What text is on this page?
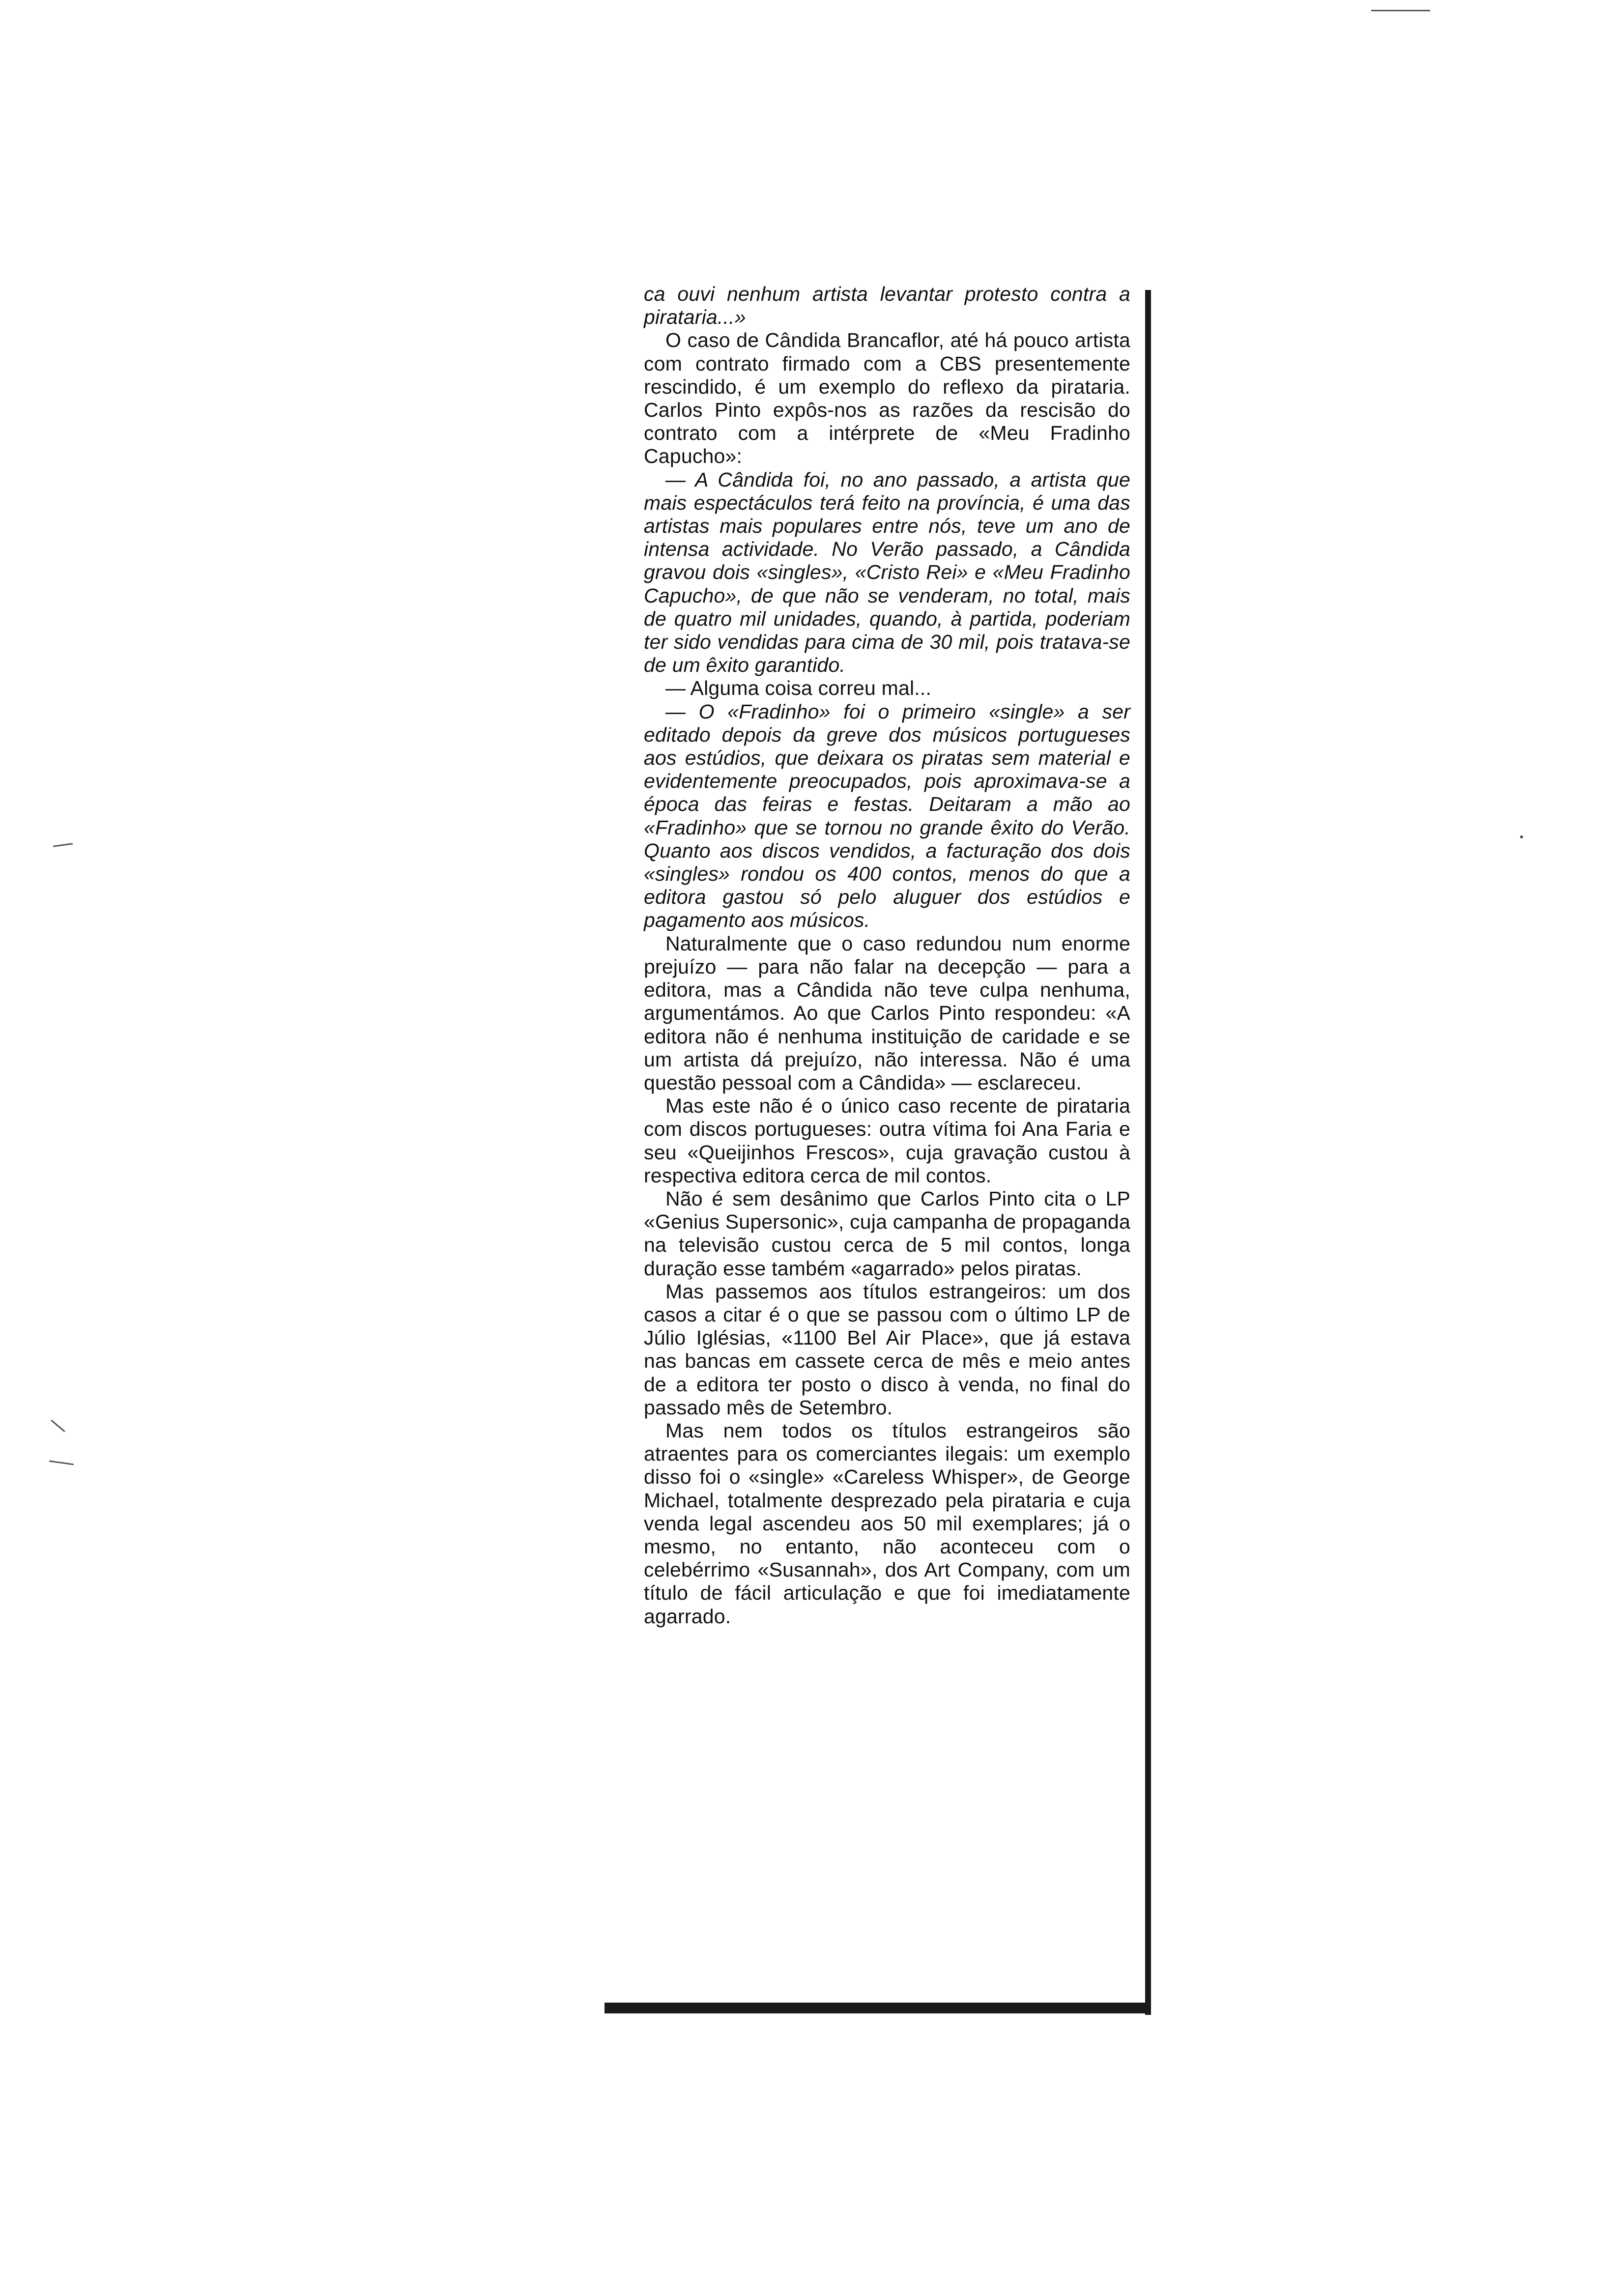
ca ouvi nenhum artista levantar protesto contra a pirataria...»

O caso de Cândida Brancaflor, até há pouco artista com contrato firmado com a CBS presentemente rescindido, é um exemplo do reflexo da pirataria. Carlos Pinto expôs-nos as razões da rescisão do contrato com a intérprete de «Meu Fradinho Capucho»:

— A Cândida foi, no ano passado, a artista que mais espectáculos terá feito na província, é uma das artistas mais populares entre nós, teve um ano de intensa actividade. No Verão passado, a Cândida gravou dois «singles», «Cristo Rei» e «Meu Fradinho Capucho», de que não se venderam, no total, mais de quatro mil unidades, quando, à partida, poderiam ter sido vendidas para cima de 30 mil, pois tratava-se de um êxito garantido.

— Alguma coisa correu mal...

— O «Fradinho» foi o primeiro «single» a ser editado depois da greve dos músicos portugueses aos estúdios, que deixara os piratas sem material e evidentemente preocupados, pois aproximava-se a época das feiras e festas. Deitaram a mão ao «Fradinho» que se tornou no grande êxito do Verão. Quanto aos discos vendidos, a facturação dos dois «singles» rondou os 400 contos, menos do que a editora gastou só pelo aluguer dos estúdios e pagamento aos músicos.

Naturalmente que o caso redundou num enorme prejuízo — para não falar na decepção — para a editora, mas a Cândida não teve culpa nenhuma, argumentámos. Ao que Carlos Pinto respondeu: «A editora não é nenhuma instituição de caridade e se um artista dá prejuízo, não interessa. Não é uma questão pessoal com a Cândida» — esclareceu.

Mas este não é o único caso recente de pirataria com discos portugueses: outra vítima foi Ana Faria e seu «Queijinhos Frescos», cuja gravação custou à respectiva editora cerca de mil contos.

Não é sem desânimo que Carlos Pinto cita o LP «Genius Supersonic», cuja campanha de propaganda na televisão custou cerca de 5 mil contos, longa duração esse também «agarrado» pelos piratas.

Mas passemos aos títulos estrangeiros: um dos casos a citar é o que se passou com o último LP de Júlio Iglésias, «1100 Bel Air Place», que já estava nas bancas em cassete cerca de mês e meio antes de a editora ter posto o disco à venda, no final do passado mês de Setembro.

Mas nem todos os títulos estrangeiros são atraentes para os comerciantes ilegais: um exemplo disso foi o «single» «Careless Whisper», de George Michael, totalmente desprezado pela pirataria e cuja venda legal ascendeu aos 50 mil exemplares; já o mesmo, no entanto, não aconteceu com o celebérrimo «Susannah», dos Art Company, com um título de fácil articulação e que foi imediatamente agarrado.
